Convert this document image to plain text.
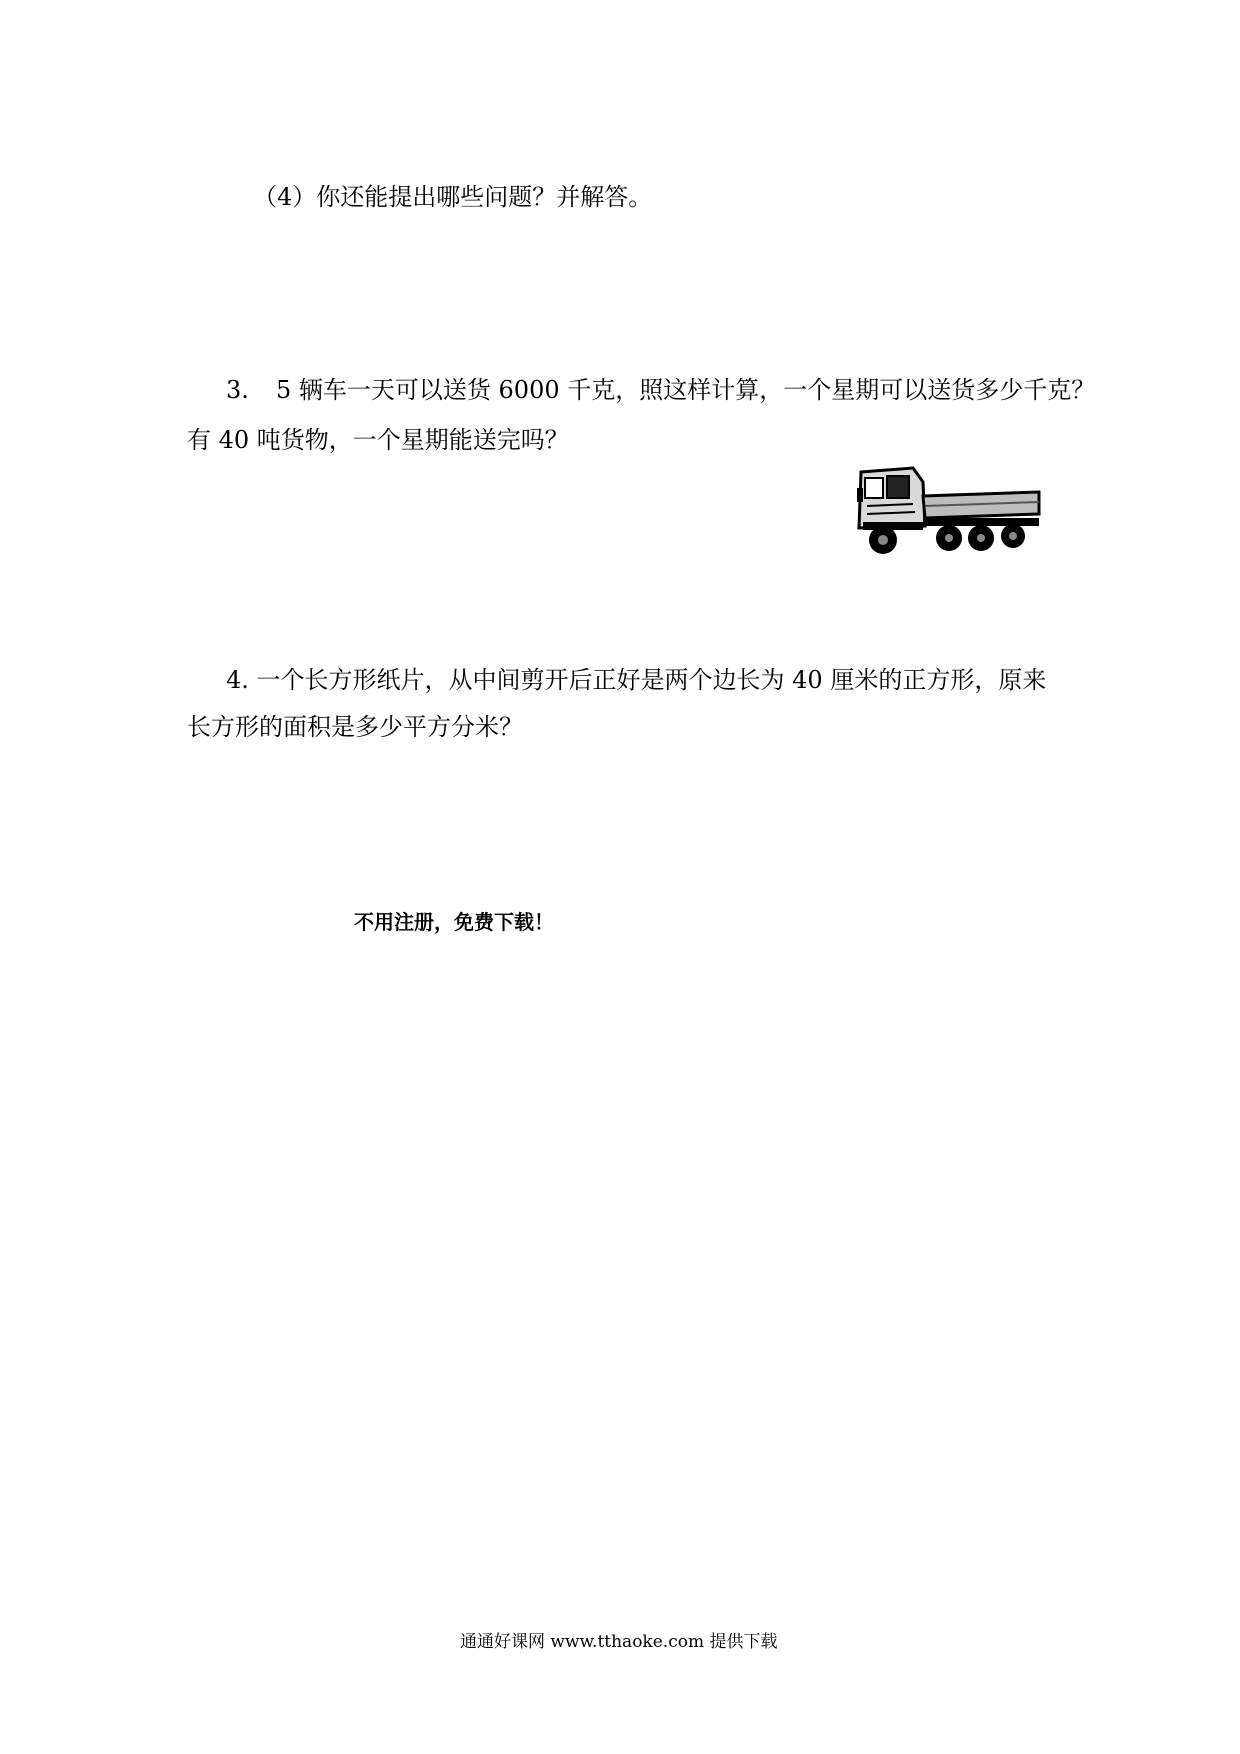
（4）你还能提出哪些问题？并解答。
3. 5 辆车一天可以送货 6000 千克，照这样计算，一个星期可以送货多少千克？
有 40 吨货物，一个星期能送完吗？
4. 一个长方形纸片，从中间剪开后正好是两个边长为 40 厘米的正方形，原来
长方形的面积是多少平方分米？
不用注册，免费下载！
通通好课网 www.tthaoke.com 提供下载
